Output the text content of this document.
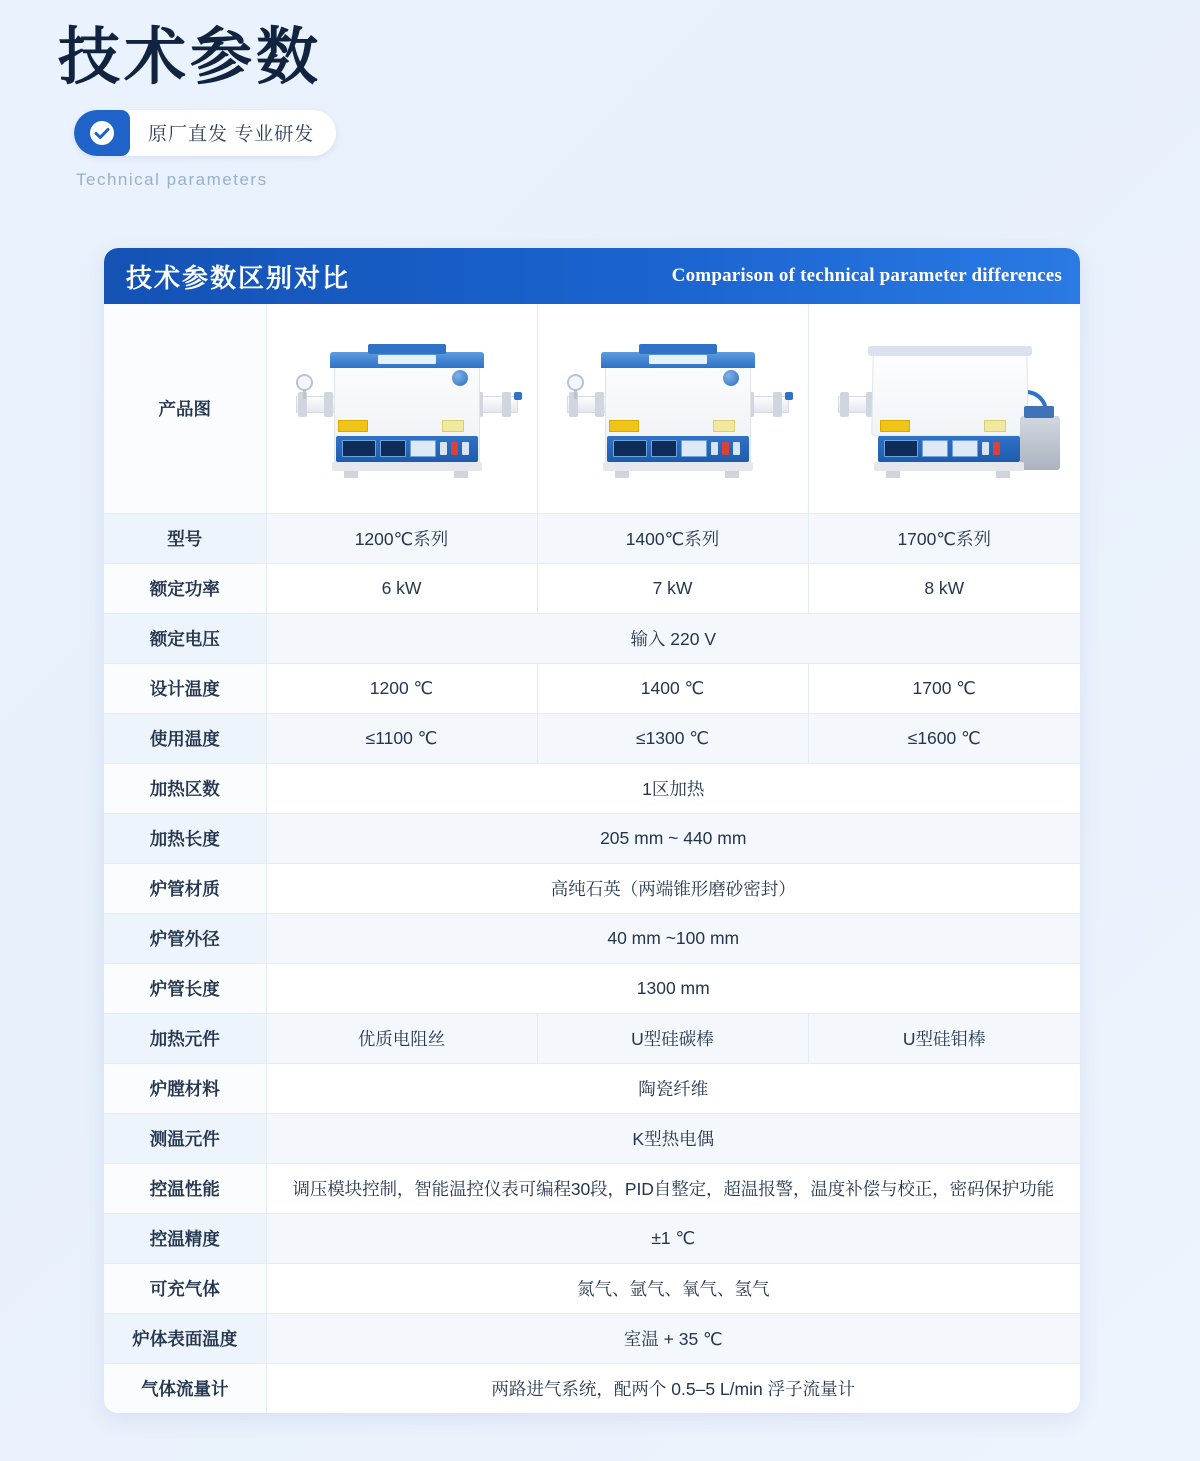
技术参数
原厂直发 专业研发
Technical parameters
技术参数区别对比	Comparison of technical parameter differences
产品图	

型号	1200℃系列	1400℃系列	1700℃系列
额定功率	6 kW	7 kW	8 kW
额定电压	输入 220 V		
设计温度	1200 ℃	1400 ℃	1700 ℃
使用温度	≤1100 ℃	≤1300 ℃	≤1600 ℃
加热区数	1区加热		
加热长度	205 mm ~ 440 mm		
炉管材质	高纯石英（两端锥形磨砂密封）		
炉管外径	40 mm ~100 mm		
炉管长度	1300 mm		
加热元件	优质电阻丝	U型硅碳棒	U型硅钼棒
炉膛材料	陶瓷纤维		
测温元件	K型热电偶		
控温性能	调压模块控制，智能温控仪表可编程30段，PID自整定，超温报警，温度补偿与校正，密码保护功能		
控温精度	±1 ℃		
可充气体	氮气、氩气、氧气、氢气		
炉体表面温度	室温 + 35 ℃		
气体流量计	两路进气系统，配两个 0.5–5 L/min 浮子流量计		
